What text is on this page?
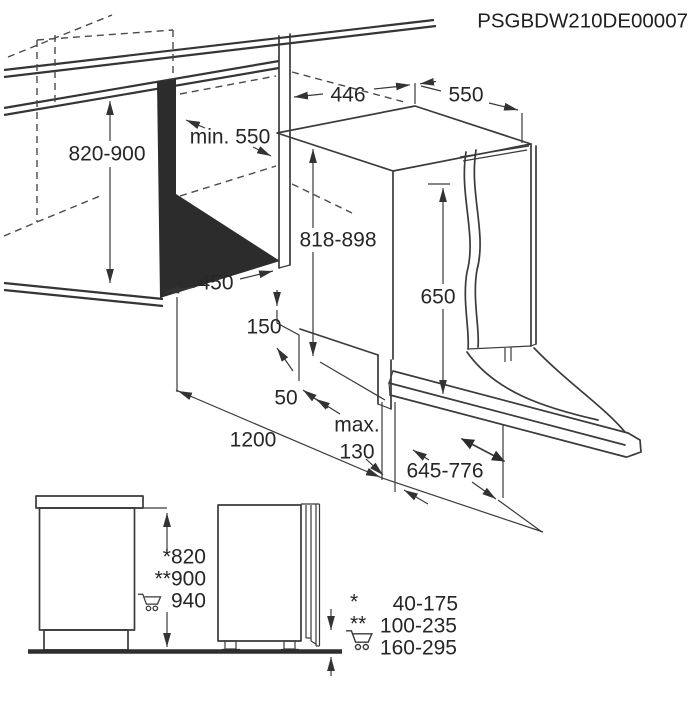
PSGBDW210DE00007
446	550
min. 550
820-900
450
818-898
650
150
50
1200
max.
130
645-776
*820
**900
940	*
**
40-175
100-235
160-295
